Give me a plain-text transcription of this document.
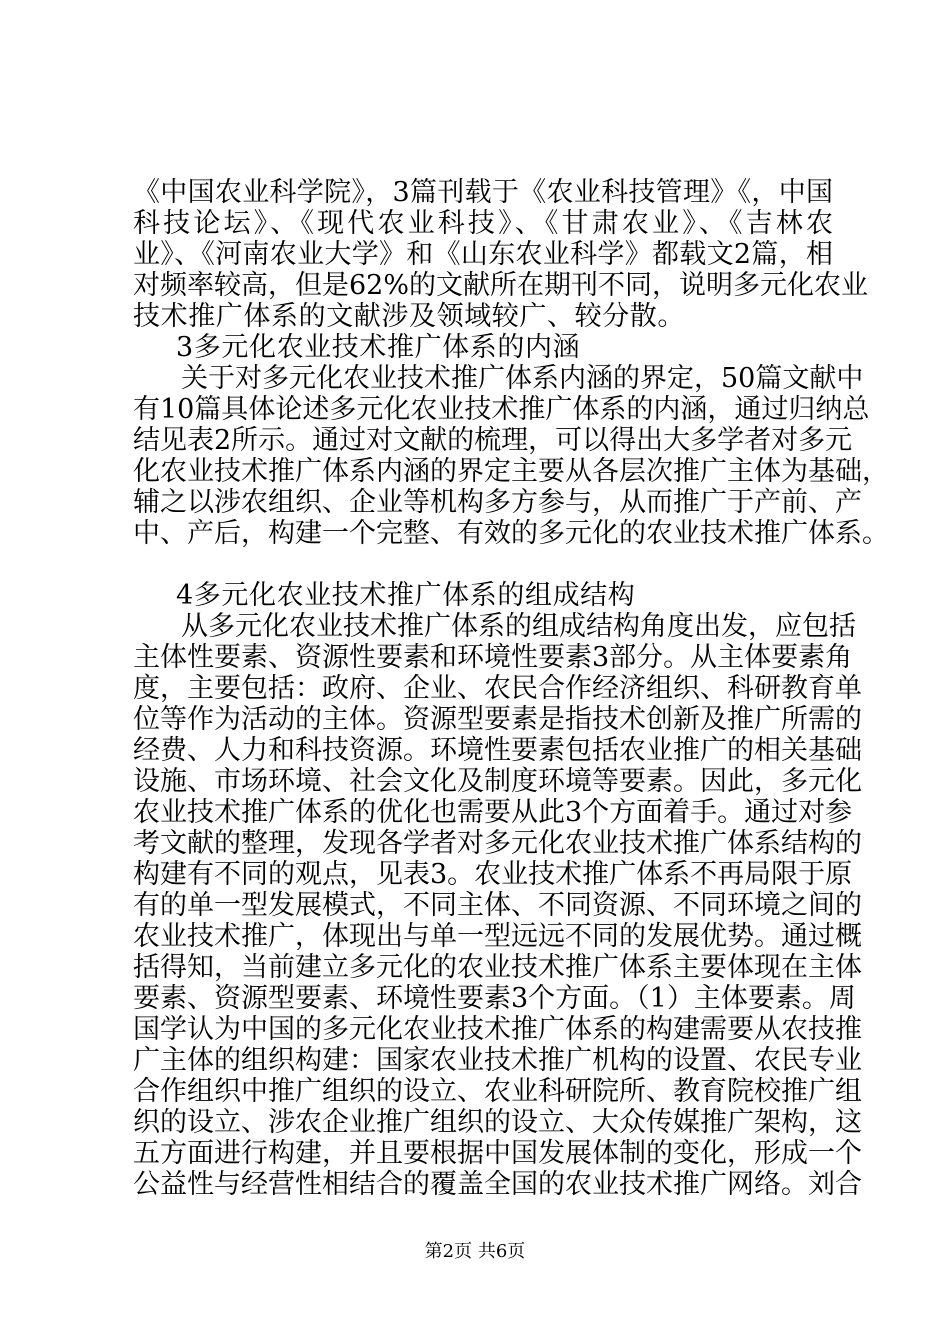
《中国农业科学院》，3篇刊载于《农业科技管理》《，中国
科技论坛》、《现代农业科技》、《甘肃农业》、《吉林农
业》、《河南农业大学》和《山东农业科学》都载文2篇，相
对频率较高，但是62%的文献所在期刊不同，说明多元化农业
技术推广体系的文献涉及领域较广、较分散。
3多元化农业技术推广体系的内涵
关于对多元化农业技术推广体系内涵的界定，50篇文献中
有10篇具体论述多元化农业技术推广体系的内涵，通过归纳总
结见表2所示。通过对文献的梳理，可以得出大多学者对多元
化农业技术推广体系内涵的界定主要从各层次推广主体为基础，
辅之以涉农组织、企业等机构多方参与，从而推广于产前、产
中、产后，构建一个完整、有效的多元化的农业技术推广体系。
4多元化农业技术推广体系的组成结构
从多元化农业技术推广体系的组成结构角度出发，应包括
主体性要素、资源性要素和环境性要素3部分。从主体要素角
度，主要包括：政府、企业、农民合作经济组织、科研教育单
位等作为活动的主体。资源型要素是指技术创新及推广所需的
经费、人力和科技资源。环境性要素包括农业推广的相关基础
设施、市场环境、社会文化及制度环境等要素。因此，多元化
农业技术推广体系的优化也需要从此3个方面着手。通过对参
考文献的整理，发现各学者对多元化农业技术推广体系结构的
构建有不同的观点，见表3。农业技术推广体系不再局限于原
有的单一型发展模式，不同主体、不同资源、不同环境之间的
农业技术推广，体现出与单一型远远不同的发展优势。通过概
括得知，当前建立多元化的农业技术推广体系主要体现在主体
要素、资源型要素、环境性要素3个方面。（1）主体要素。周
国学认为中国的多元化农业技术推广体系的构建需要从农技推
广主体的组织构建：国家农业技术推广机构的设置、农民专业
合作组织中推广组织的设立、农业科研院所、教育院校推广组
织的设立、涉农企业推广组织的设立、大众传媒推广架构，这
五方面进行构建，并且要根据中国发展体制的变化，形成一个
公益性与经营性相结合的覆盖全国的农业技术推广网络。刘合
第2页 共6页
